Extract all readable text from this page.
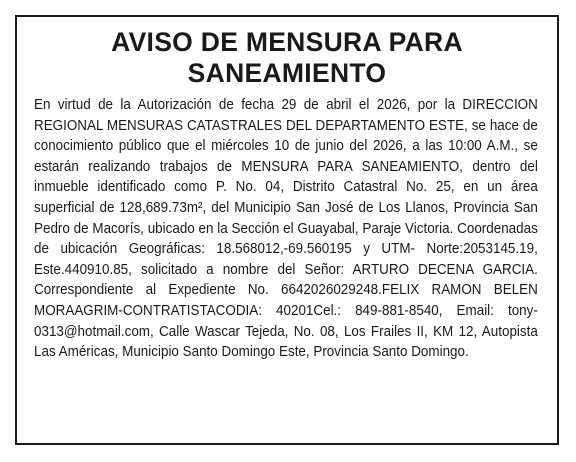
AVISO DE MENSURA PARA
SANEAMIENTO

En virtud de la Autorización de fecha 29 de abril el 2026, por la DIRECCION REGIONAL MENSURAS CATASTRALES DEL DEPARTAMENTO ESTE, se hace de conocimiento público que el miércoles 10 de junio del 2026, a las 10:00 A.M., se estarán realizando trabajos de MENSURA PARA SANEAMIENTO, dentro del inmueble identificado como P. No. 04, Distrito Catastral No. 25, en un área superficial de 128,689.73m², del Municipio San José de Los Llanos, Provincia San Pedro de Macorís, ubicado en la Sección el Guayabal, Paraje Victoria. Coordenadas de ubicación Geográficas: 18.568012,-69.560195 y UTM- Norte:2053145.19, Este.440910.85, solicitado a nombre del Señor: ARTURO DECENA GARCIA. Correspondiente al Expediente No. 6642026029248.FELIX RAMON BELEN MORAAGRIM-CONTRATISTACODIA: 40201Cel.: 849-881-8540, Email: tony-0313@hotmail.com, Calle Wascar Tejeda, No. 08, Los Frailes II, KM 12, Autopista Las Américas, Municipio Santo Domingo Este, Provincia Santo Domingo.
